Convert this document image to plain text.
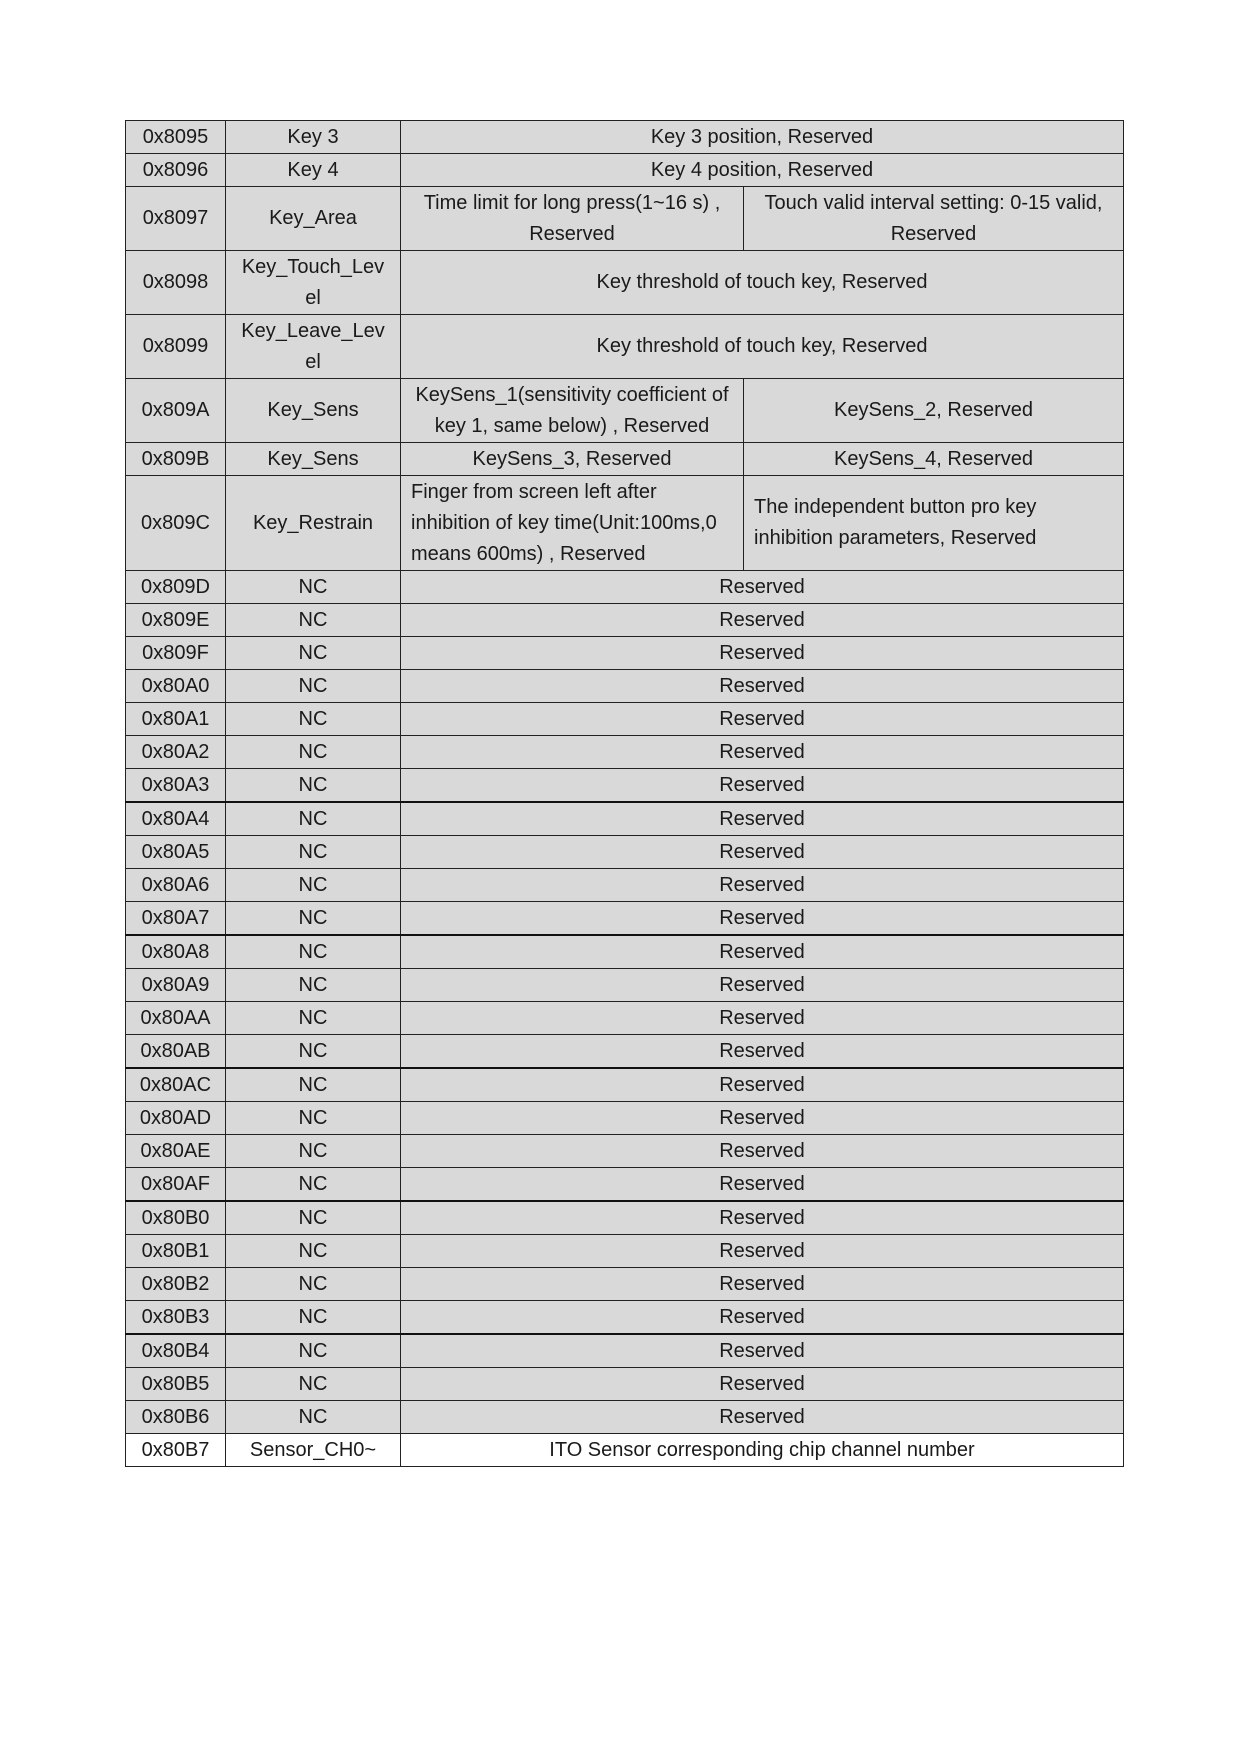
0x8095	Key 3	Key 3 position, Reserved	
0x8096	Key 4	Key 4 position, Reserved	
0x8097	Key_Area	Time limit for long press(1~16 s) , Reserved	Touch valid interval setting: 0-15 valid, Reserved
0x8098	Key_Touch_Lev el	Key threshold of touch key, Reserved	
0x8099	Key_Leave_Lev el	Key threshold of touch key, Reserved	
0x809A	Key_Sens	KeySens_1(sensitivity coefficient of key 1, same below) , Reserved	KeySens_2, Reserved
0x809B	Key_Sens	KeySens_3, Reserved	KeySens_4, Reserved
0x809C	Key_Restrain	Finger from screen left after inhibition of key time(Unit:100ms,0 means 600ms) , Reserved	The independent button pro key inhibition parameters, Reserved
0x809D	NC	Reserved	
0x809E	NC	Reserved	
0x809F	NC	Reserved	
0x80A0	NC	Reserved	
0x80A1	NC	Reserved	
0x80A2	NC	Reserved	
0x80A3	NC	Reserved	
0x80A4	NC	Reserved	
0x80A5	NC	Reserved	
0x80A6	NC	Reserved	
0x80A7	NC	Reserved	
0x80A8	NC	Reserved	
0x80A9	NC	Reserved	
0x80AA	NC	Reserved	
0x80AB	NC	Reserved	
0x80AC	NC	Reserved	
0x80AD	NC	Reserved	
0x80AE	NC	Reserved	
0x80AF	NC	Reserved	
0x80B0	NC	Reserved	
0x80B1	NC	Reserved	
0x80B2	NC	Reserved	
0x80B3	NC	Reserved	
0x80B4	NC	Reserved	
0x80B5	NC	Reserved	
0x80B6	NC	Reserved	
0x80B7	Sensor_CH0~	ITO Sensor corresponding chip channel number	
